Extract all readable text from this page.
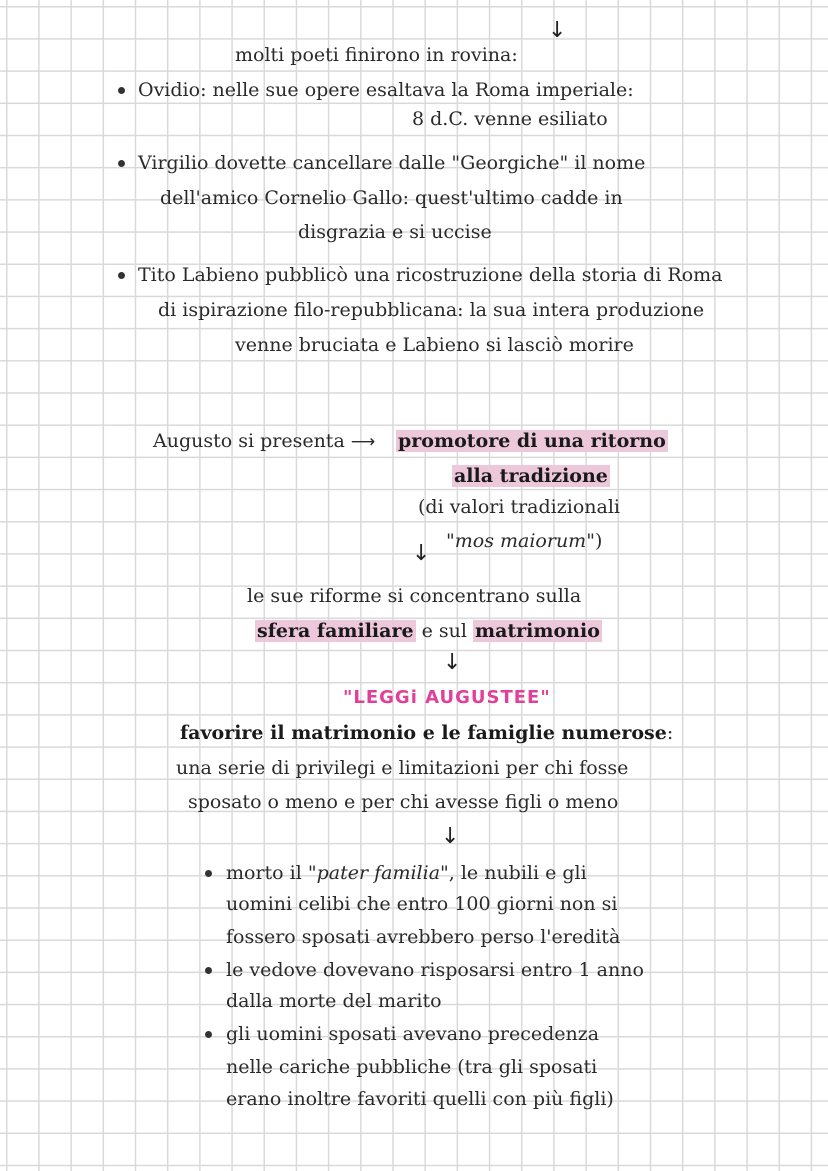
↓
molti poeti finirono in rovina:
Ovidio: nelle sue opere esaltava la Roma imperiale:
8 d.C. venne esiliato
Virgilio dovette cancellare dalle "Georgiche" il nome
dell'amico Cornelio Gallo: quest'ultimo cadde in
disgrazia e si uccise
Tito Labieno pubblicò una ricostruzione della storia di Roma
di ispirazione filo-repubblicana: la sua intera produzione
venne bruciata e Labieno si lasciò morire
Augusto si presenta ⟶ promotore di una ritorno
alla tradizione
(di valori tradizionali
"mos maiorum")
↓
le sue riforme si concentrano sulla
sfera familiare e sul matrimonio
↓
"LEGGi AUGUSTEE"
favorire il matrimonio e le famiglie numerose:
una serie di privilegi e limitazioni per chi fosse
sposato o meno e per chi avesse figli o meno
↓
morto il "pater familia", le nubili e gli
uomini celibi che entro 100 giorni non si
fossero sposati avrebbero perso l'eredità
le vedove dovevano risposarsi entro 1 anno
dalla morte del marito
gli uomini sposati avevano precedenza
nelle cariche pubbliche (tra gli sposati
erano inoltre favoriti quelli con più figli)
